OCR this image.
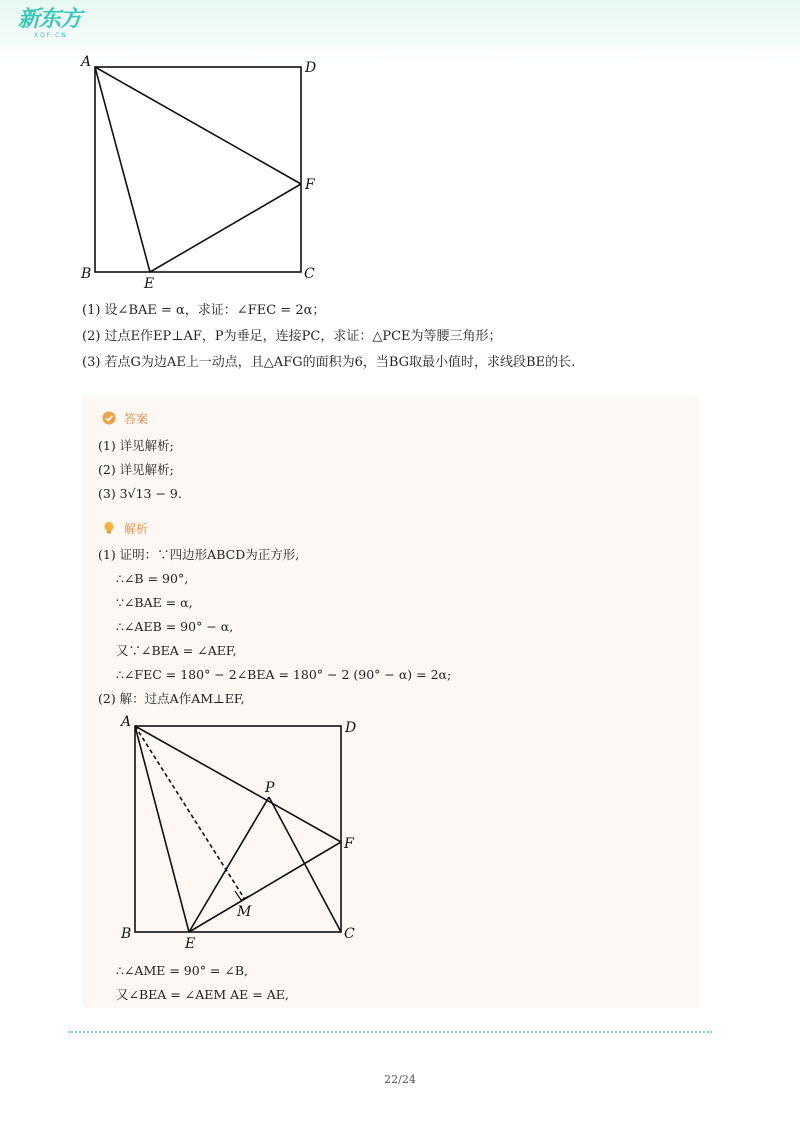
新东方
XDF.CN
A	D
F
B
E
C
(1) 设∠BAE = α，求证：∠FEC = 2α；
(2) 过点E作EP⊥AF，P为垂足，连接PC，求证：△PCE为等腰三角形；
(3) 若点G为边AE上一动点，且△AFG的面积为6，当BG取最小值时，求线段BE的长.
答案
(1) 详见解析;
(2) 详见解析;
(3) 3√13 − 9.
解析
(1) 证明：∵四边形ABCD为正方形,
∴∠B = 90°,
∵∠BAE = α,
∴∠AEB = 90° − α,
又∵∠BEA = ∠AEF,
∴∠FEC = 180° − 2∠BEA = 180° − 2 (90° − α) = 2α;
(2) 解：过点A作AM⊥EF,
A	D
P
F
M
B
E
C
∴∠AME = 90° = ∠B,
又∠BEA = ∠AEM AE = AE,
22/24
